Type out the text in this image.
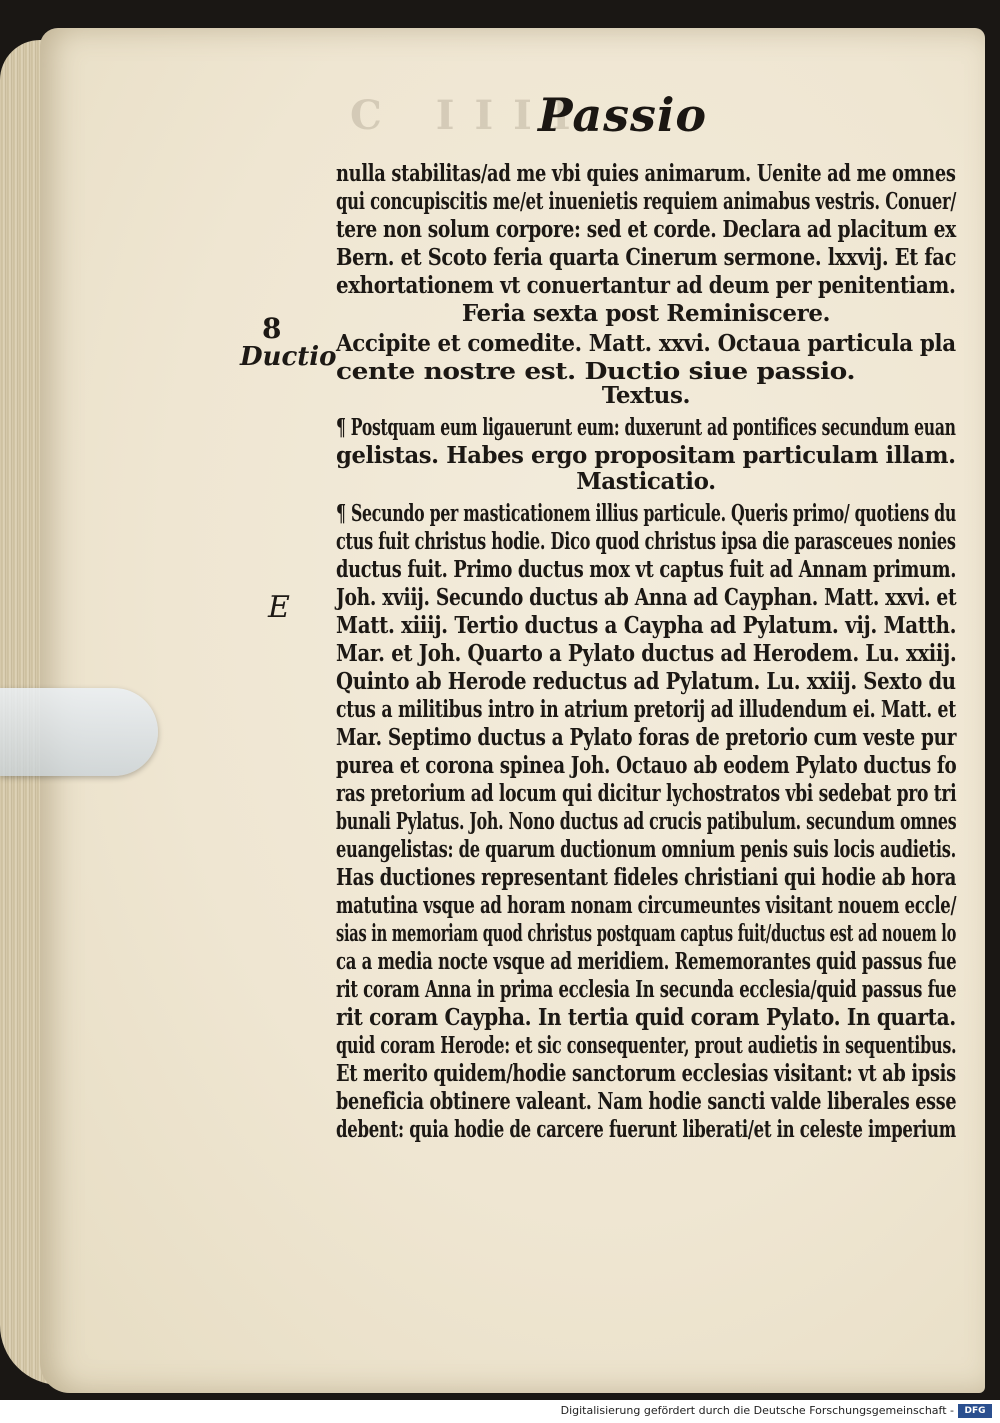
C IIII
Passio
8
Ductio
E
nulla stabilitas/ad me vbi quies animarum. Uenite ad me omnes
qui concupiscitis me/et inuenietis requiem animabus vestris. Conuer/
tere non solum corpore: sed et corde. Declara ad placitum ex
Bern. et Scoto feria quarta Cinerum sermone. lxxvij. Et fac
exhortationem vt conuertantur ad deum per penitentiam.
Feria sexta post Reminiscere.
Accipite et comedite. Matt. xxvi. Octaua particula pla
cente nostre est. Ductio siue passio.
Textus.
¶ Postquam eum ligauerunt eum: duxerunt ad pontifices secundum euan
gelistas. Habes ergo propositam particulam illam.
Masticatio.
¶ Secundo per masticationem illius particule. Queris primo/ quotiens du
ctus fuit christus hodie. Dico quod christus ipsa die parasceues nonies
ductus fuit. Primo ductus mox vt captus fuit ad Annam primum.
Joh. xviij. Secundo ductus ab Anna ad Cayphan. Matt. xxvi. et
Matt. xiiij. Tertio ductus a Caypha ad Pylatum. vij. Matth.
Mar. et Joh. Quarto a Pylato ductus ad Herodem. Lu. xxiij.
Quinto ab Herode reductus ad Pylatum. Lu. xxiij. Sexto du
ctus a militibus intro in atrium pretorij ad illudendum ei. Matt. et
Mar. Septimo ductus a Pylato foras de pretorio cum veste pur
purea et corona spinea Joh. Octauo ab eodem Pylato ductus fo
ras pretorium ad locum qui dicitur lychostratos vbi sedebat pro tri
bunali Pylatus. Joh. Nono ductus ad crucis patibulum. secundum omnes
euangelistas: de quarum ductionum omnium penis suis locis audietis.
Has ductiones representant fideles christiani qui hodie ab hora
matutina vsque ad horam nonam circumeuntes visitant nouem eccle/
sias in memoriam quod christus postquam captus fuit/ductus est ad nouem lo
ca a media nocte vsque ad meridiem. Rememorantes quid passus fue
rit coram Anna in prima ecclesia In secunda ecclesia/quid passus fue
rit coram Caypha. In tertia quid coram Pylato. In quarta.
quid coram Herode: et sic consequenter, prout audietis in sequentibus.
Et merito quidem/hodie sanctorum ecclesias visitant: vt ab ipsis
beneficia obtinere valeant. Nam hodie sancti valde liberales esse
debent: quia hodie de carcere fuerunt liberati/et in celeste imperium
Digitalisierung gefördert durch die Deutsche Forschungsgemeinschaft -	DFG
